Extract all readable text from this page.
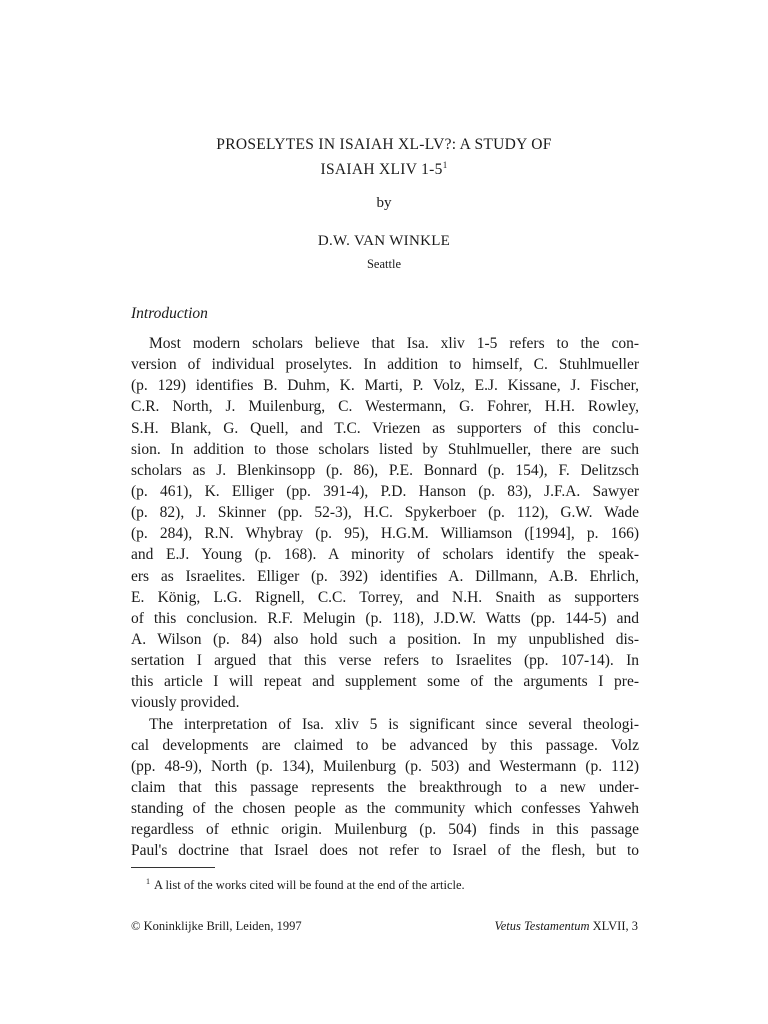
PROSELYTES IN ISAIAH XL-LV?: A STUDY OF
ISAIAH XLIV $1-5^1$
by
D.W. VAN WINKLE
Seattle
Introduction
Most modern scholars believe that Isa. xliv 1-5 refers to the con-
version of individual proselytes. In addition to himself, C. Stuhlmueller
(p. 129) identifies B. Duhm, K. Marti, P. Volz, E.J. Kissane, J. Fischer,
C.R. North, J. Muilenburg, C. Westermann, G. Fohrer, H.H. Rowley,
S.H. Blank, G. Quell, and T.C. Vriezen as supporters of this conclu-
sion. In addition to those scholars listed by Stuhlmueller, there are such
scholars as J. Blenkinsopp (p. 86), P.E. Bonnard (p. 154), F. Delitzsch
(p. 461), K. Elliger (pp. 391-4), P.D. Hanson (p. 83), J.F.A. Sawyer
(p. 82), J. Skinner (pp. 52-3), H.C. Spykerboer (p. 112), G.W. Wade
(p. 284), R.N. Whybray (p. 95), H.G.M. Williamson ([1994], p. 166)
and E.J. Young (p. 168). A minority of scholars identify the speak-
ers as Israelites. Elliger (p. 392) identifies A. Dillmann, A.B. Ehrlich,
E. König, L.G. Rignell, C.C. Torrey, and N.H. Snaith as supporters
of this conclusion. R.F. Melugin (p. 118), J.D.W. Watts (pp. 144-5) and
A. Wilson (p. 84) also hold such a position. In my unpublished dis-
sertation I argued that this verse refers to Israelites (pp. 107-14). In
this article I will repeat and supplement some of the arguments I pre-
viously provided.
The interpretation of Isa. xliv 5 is significant since several theologi-
cal developments are claimed to be advanced by this passage. Volz
(pp. 48-9), North (p. 134), Muilenburg (p. 503) and Westermann (p. 112)
claim that this passage represents the breakthrough to a new under-
standing of the chosen people as the community which confesses Yahweh
regardless of ethnic origin. Muilenburg (p. 504) finds in this passage
Paul's doctrine that Israel does not refer to Israel of the flesh, but to
$^1$ A list of the works cited will be found at the end of the article.
© Koninklijke Brill, Leiden, 1997	Vetus Testamentum XLVII, 3
